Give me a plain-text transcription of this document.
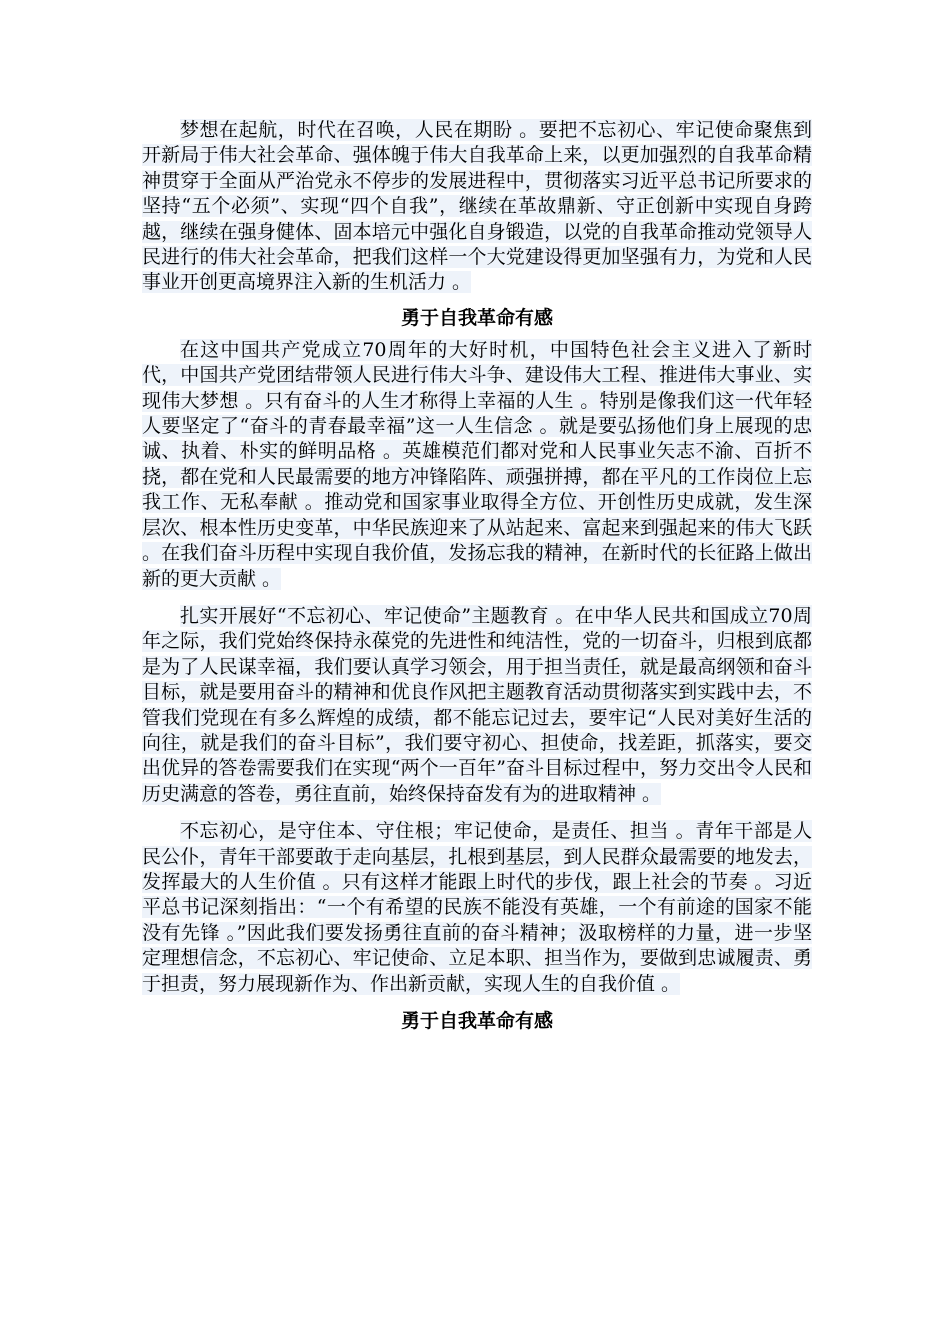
梦想在起航，时代在召唤，人民在期盼 。要把不忘初心、牢记使命聚焦到开新局于伟大社会革命、强体魄于伟大自我革命上来，以更加强烈的自我革命精神贯穿于全面从严治党永不停步的发展进程中，贯彻落实习近平总书记所要求的坚持“五个必须”、实现“四个自我”，继续在革故鼎新、守正创新中实现自身跨越，继续在强身健体、固本培元中强化自身锻造，以党的自我革命推动党领导人民进行的伟大社会革命，把我们这样一个大党建设得更加坚强有力，为党和人民事业开创更高境界注入新的生机活力 。

勇于自我革命有感

在这中国共产党成立70周年的大好时机，中国特色社会主义进入了新时代，中国共产党团结带领人民进行伟大斗争、建设伟大工程、推进伟大事业、实现伟大梦想 。只有奋斗的人生才称得上幸福的人生 。特别是像我们这一代年轻人要坚定了“奋斗的青春最幸福”这一人生信念 。就是要弘扬他们身上展现的忠诚、执着、朴实的鲜明品格 。英雄模范们都对党和人民事业矢志不渝、百折不挠，都在党和人民最需要的地方冲锋陷阵、顽强拼搏，都在平凡的工作岗位上忘我工作、无私奉献 。推动党和国家事业取得全方位、开创性历史成就，发生深层次、根本性历史变革，中华民族迎来了从站起来、富起来到强起来的伟大飞跃 。在我们奋斗历程中实现自我价值，发扬忘我的精神，在新时代的长征路上做出新的更大贡献 。

扎实开展好“不忘初心、牢记使命”主题教育 。在中华人民共和国成立70周年之际，我们党始终保持永葆党的先进性和纯洁性，党的一切奋斗，归根到底都是为了人民谋幸福，我们要认真学习领会，用于担当责任，就是最高纲领和奋斗目标，就是要用奋斗的精神和优良作风把主题教育活动贯彻落实到实践中去，不管我们党现在有多么辉煌的成绩，都不能忘记过去，要牢记“人民对美好生活的向往，就是我们的奋斗目标”，我们要守初心、担使命，找差距，抓落实，要交出优异的答卷需要我们在实现“两个一百年”奋斗目标过程中，努力交出令人民和历史满意的答卷，勇往直前，始终保持奋发有为的进取精神 。

不忘初心，是守住本、守住根；牢记使命，是责任、担当 。青年干部是人民公仆，青年干部要敢于走向基层，扎根到基层，到人民群众最需要的地发去，发挥最大的人生价值 。只有这样才能跟上时代的步伐，跟上社会的节奏 。习近平总书记深刻指出：“一个有希望的民族不能没有英雄，一个有前途的国家不能没有先锋 。”因此我们要发扬勇往直前的奋斗精神；汲取榜样的力量，进一步坚定理想信念，不忘初心、牢记使命、立足本职、担当作为，要做到忠诚履责、勇于担责，努力展现新作为、作出新贡献，实现人生的自我价值 。

勇于自我革命有感
